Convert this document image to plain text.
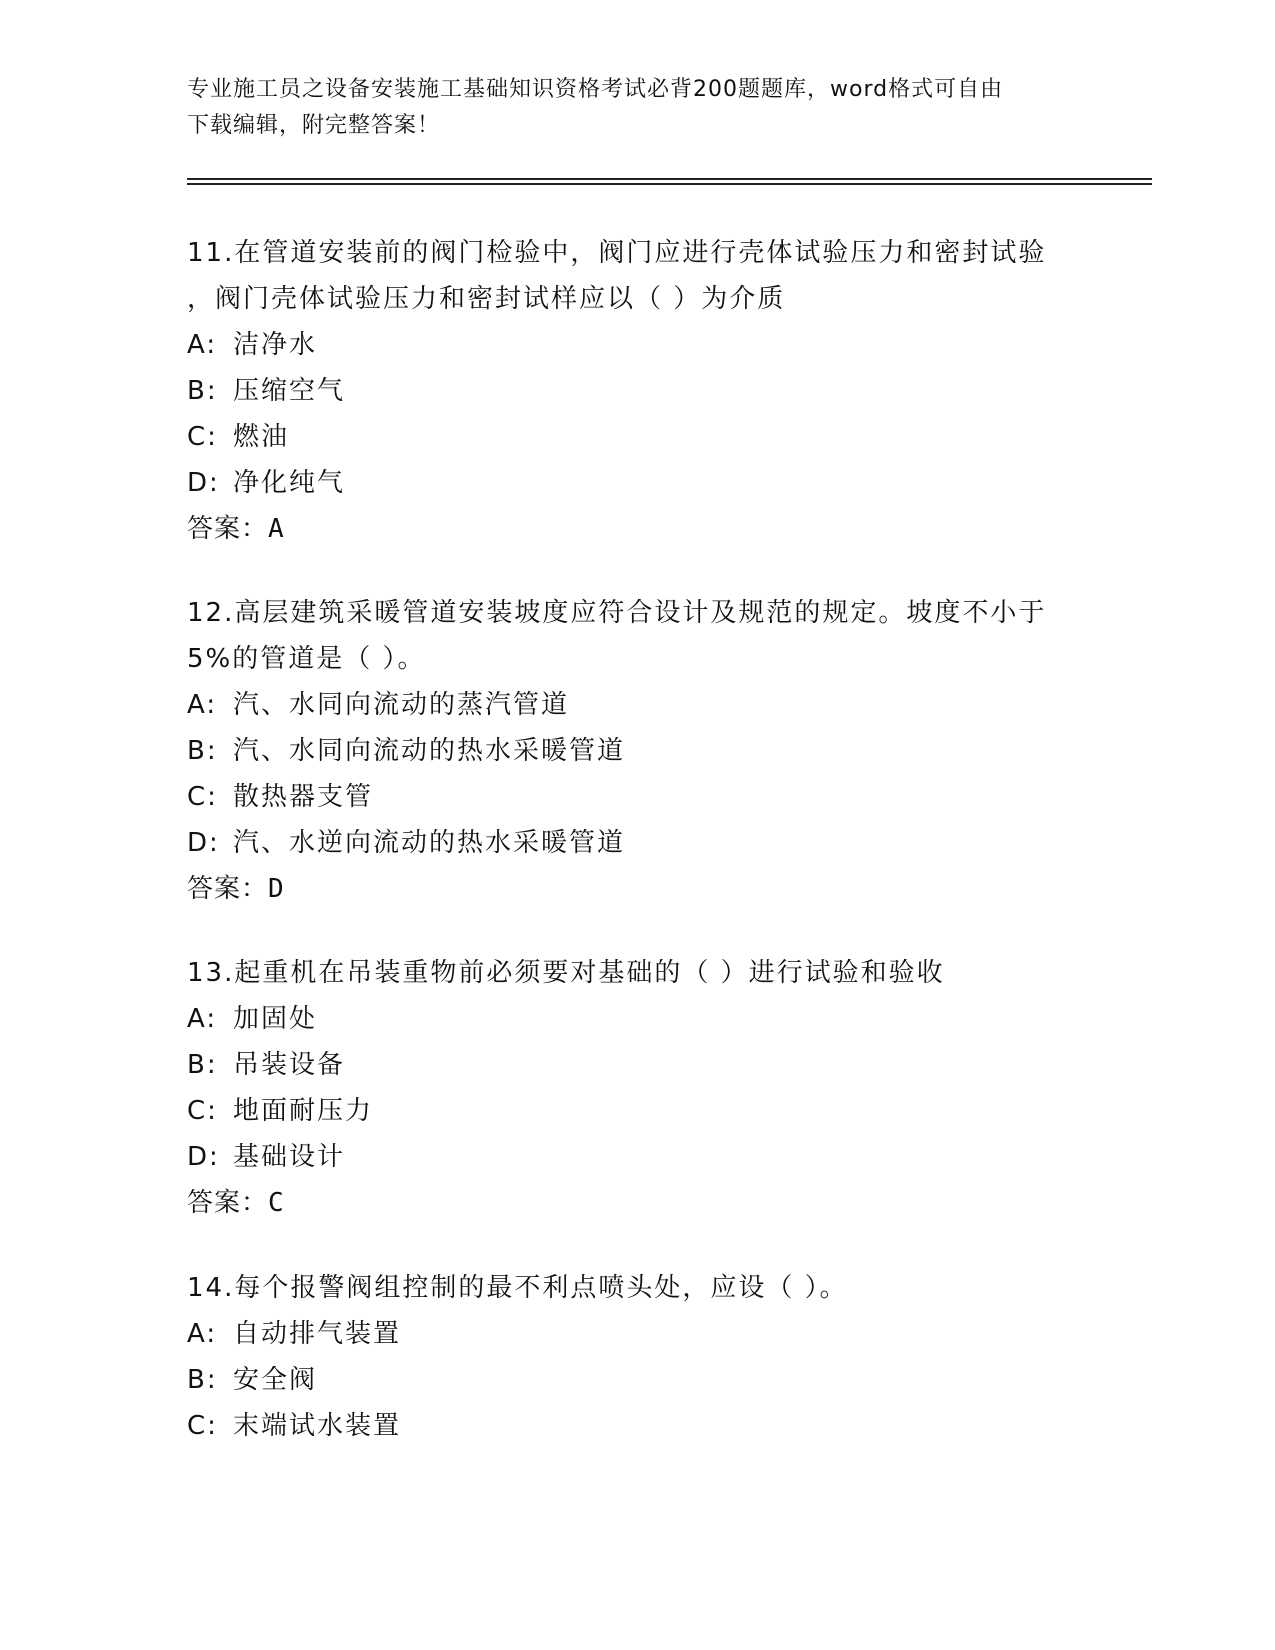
专业施工员之设备安装施工基础知识资格考试必背200题题库，word格式可自由
下载编辑，附完整答案！

11.在管道安装前的阀门检验中，阀门应进行壳体试验压力和密封试验

，阀门壳体试验压力和密封试样应以（ ）为介质

A: 洁净水

B: 压缩空气

C: 燃油

D: 净化纯气

答案：A

12.高层建筑采暖管道安装坡度应符合设计及规范的规定。坡度不小于

5%的管道是（ ）。

A: 汽、水同向流动的蒸汽管道

B: 汽、水同向流动的热水采暖管道

C: 散热器支管

D: 汽、水逆向流动的热水采暖管道

答案：D

13.起重机在吊装重物前必须要对基础的（ ）进行试验和验收

A: 加固处

B: 吊装设备

C: 地面耐压力

D: 基础设计

答案：C

14.每个报警阀组控制的最不利点喷头处，应设（ ）。

A: 自动排气装置

B: 安全阀

C: 末端试水装置
